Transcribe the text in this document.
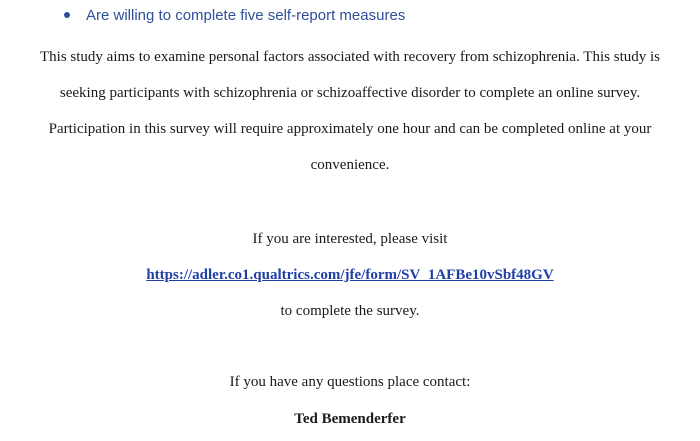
Are willing to complete five self-report measures
This study aims to examine personal factors associated with recovery from schizophrenia. This study is seeking participants with schizophrenia or schizoaffective disorder to complete an online survey. Participation in this survey will require approximately one hour and can be completed online at your convenience.
If you are interested, please visit
https://adler.co1.qualtrics.com/jfe/form/SV_1AFBe10vSbf48GV
to complete the survey.
If you have any questions place contact:
Ted Bemenderfer
